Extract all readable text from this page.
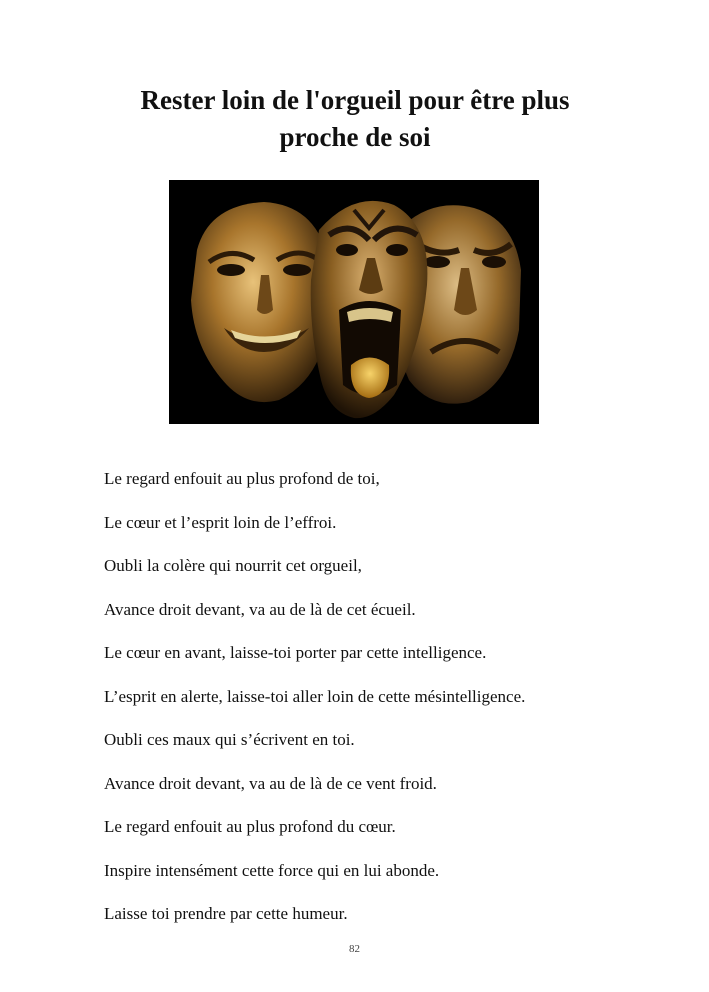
Rester loin de l'orgueil pour être plus
proche de soi
Le regard enfouit au plus profond de toi,
Le cœur et l’esprit loin de l’effroi.
Oubli la colère qui nourrit cet orgueil,
Avance droit devant, va au de là de cet écueil.
Le cœur en avant, laisse-toi porter par cette intelligence.
L’esprit en alerte, laisse-toi aller loin de cette mésintelligence.
Oubli ces maux qui s’écrivent en toi.
Avance droit devant, va au de là de ce vent froid.
Le regard enfouit au plus profond du cœur.
Inspire intensément cette force qui en lui abonde.
Laisse toi prendre par cette humeur.
82
